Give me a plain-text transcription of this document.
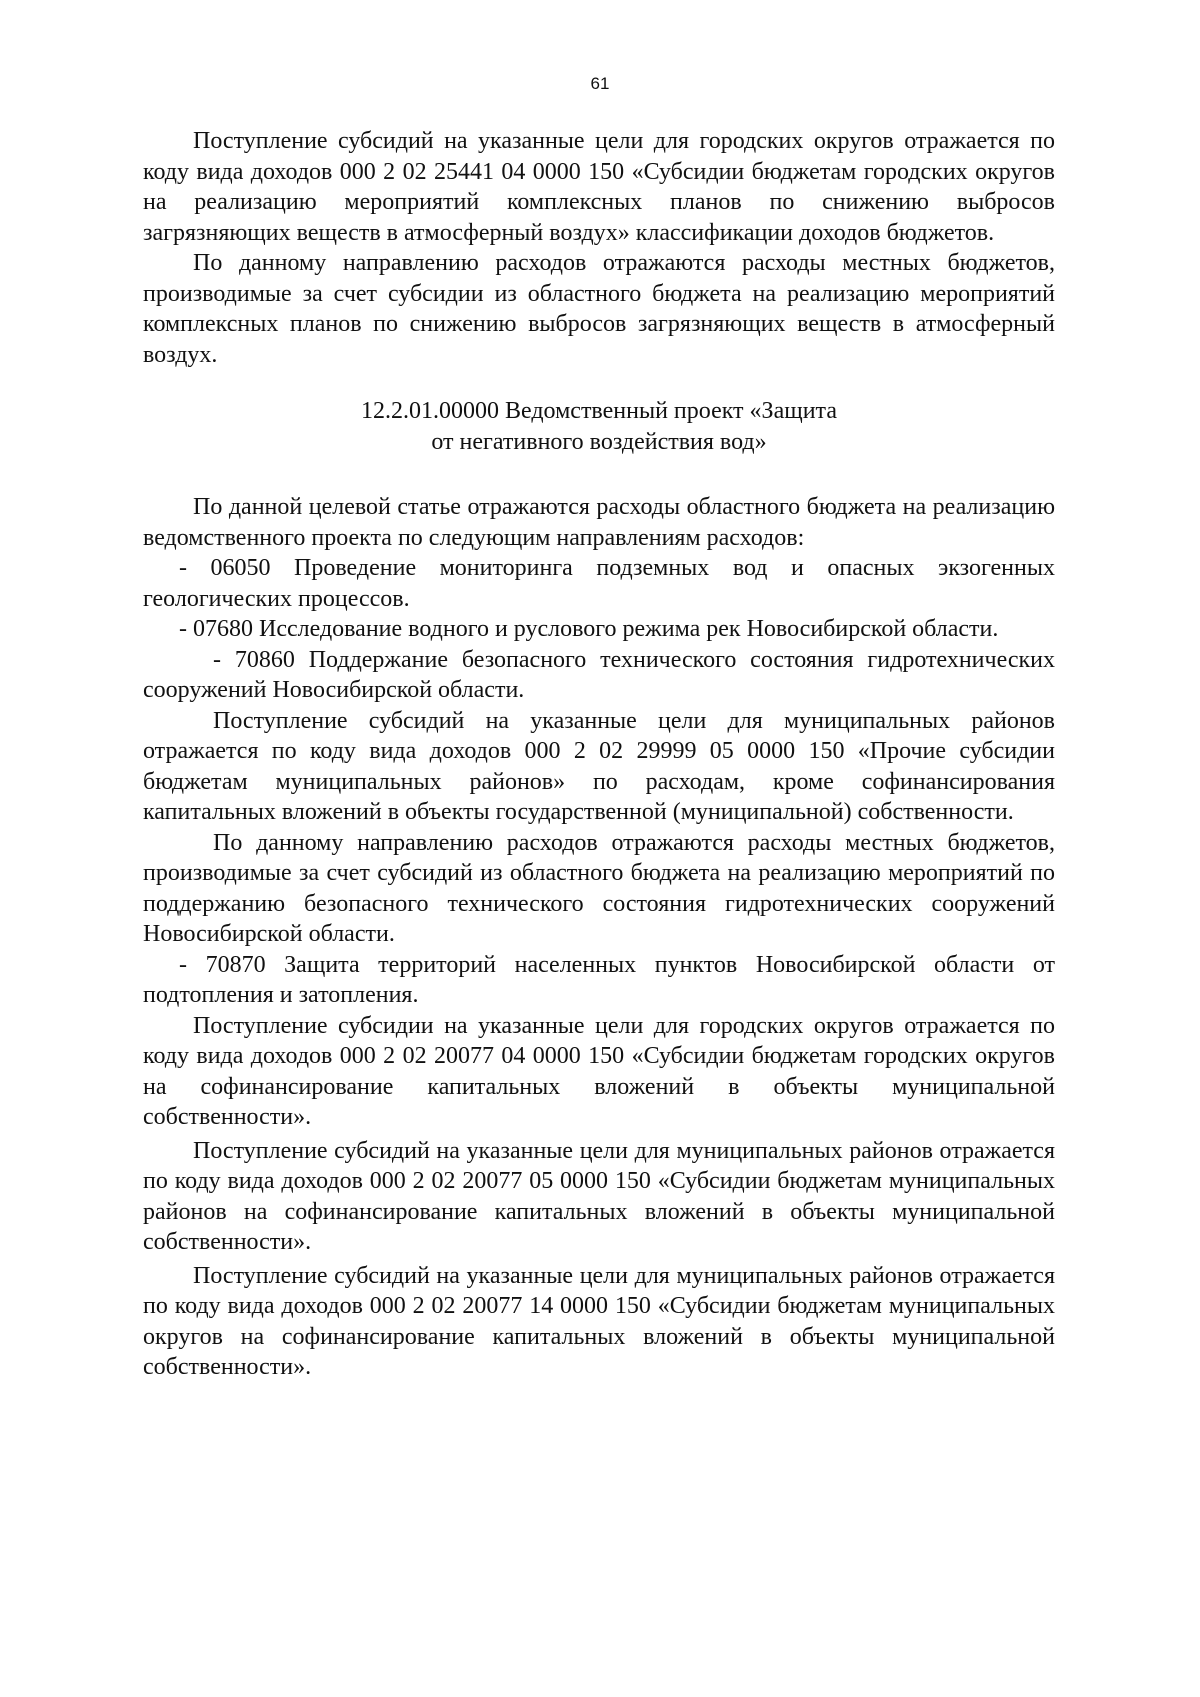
61

Поступление субсидий на указанные цели для городских округов отражается по коду вида доходов 000 2 02 25441 04 0000 150 «Субсидии бюджетам городских округов на реализацию мероприятий комплексных планов по снижению выбросов загрязняющих веществ в атмосферный воздух» классификации доходов бюджетов.

По данному направлению расходов отражаются расходы местных бюджетов, производимые за счет субсидии из областного бюджета на реализацию мероприятий комплексных планов по снижению выбросов загрязняющих веществ в атмосферный воздух.

12.2.01.00000 Ведомственный проект «Защита
от негативного воздействия вод»

По данной целевой статье отражаются расходы областного бюджета на реализацию ведомственного проекта по следующим направлениям расходов:

- 06050 Проведение мониторинга подземных вод и опасных экзогенных геологических процессов.

- 07680 Исследование водного и руслового режима рек Новосибирской области.

- 70860 Поддержание безопасного технического состояния гидротехнических сооружений Новосибирской области.

Поступление субсидий на указанные цели для муниципальных районов отражается по коду вида доходов 000 2 02 29999 05 0000 150 «Прочие субсидии бюджетам муниципальных районов» по расходам, кроме софинансирования капитальных вложений в объекты государственной (муниципальной) собственности.

По данному направлению расходов отражаются расходы местных бюджетов, производимые за счет субсидий из областного бюджета на реализацию мероприятий по поддержанию безопасного технического состояния гидротехнических сооружений Новосибирской области.

- 70870 Защита территорий населенных пунктов Новосибирской области от подтопления и затопления.

Поступление субсидии на указанные цели для городских округов отражается по коду вида доходов 000 2 02 20077 04 0000 150 «Субсидии бюджетам городских округов на софинансирование капитальных вложений в объекты муниципальной собственности».

Поступление субсидий на указанные цели для муниципальных районов отражается по коду вида доходов 000 2 02 20077 05 0000 150 «Субсидии бюджетам муниципальных районов на софинансирование капитальных вложений в объекты муниципальной собственности».

Поступление субсидий на указанные цели для муниципальных районов отражается по коду вида доходов 000 2 02 20077 14 0000 150 «Субсидии бюджетам муниципальных округов на софинансирование капитальных вложений в объекты муниципальной собственности».
